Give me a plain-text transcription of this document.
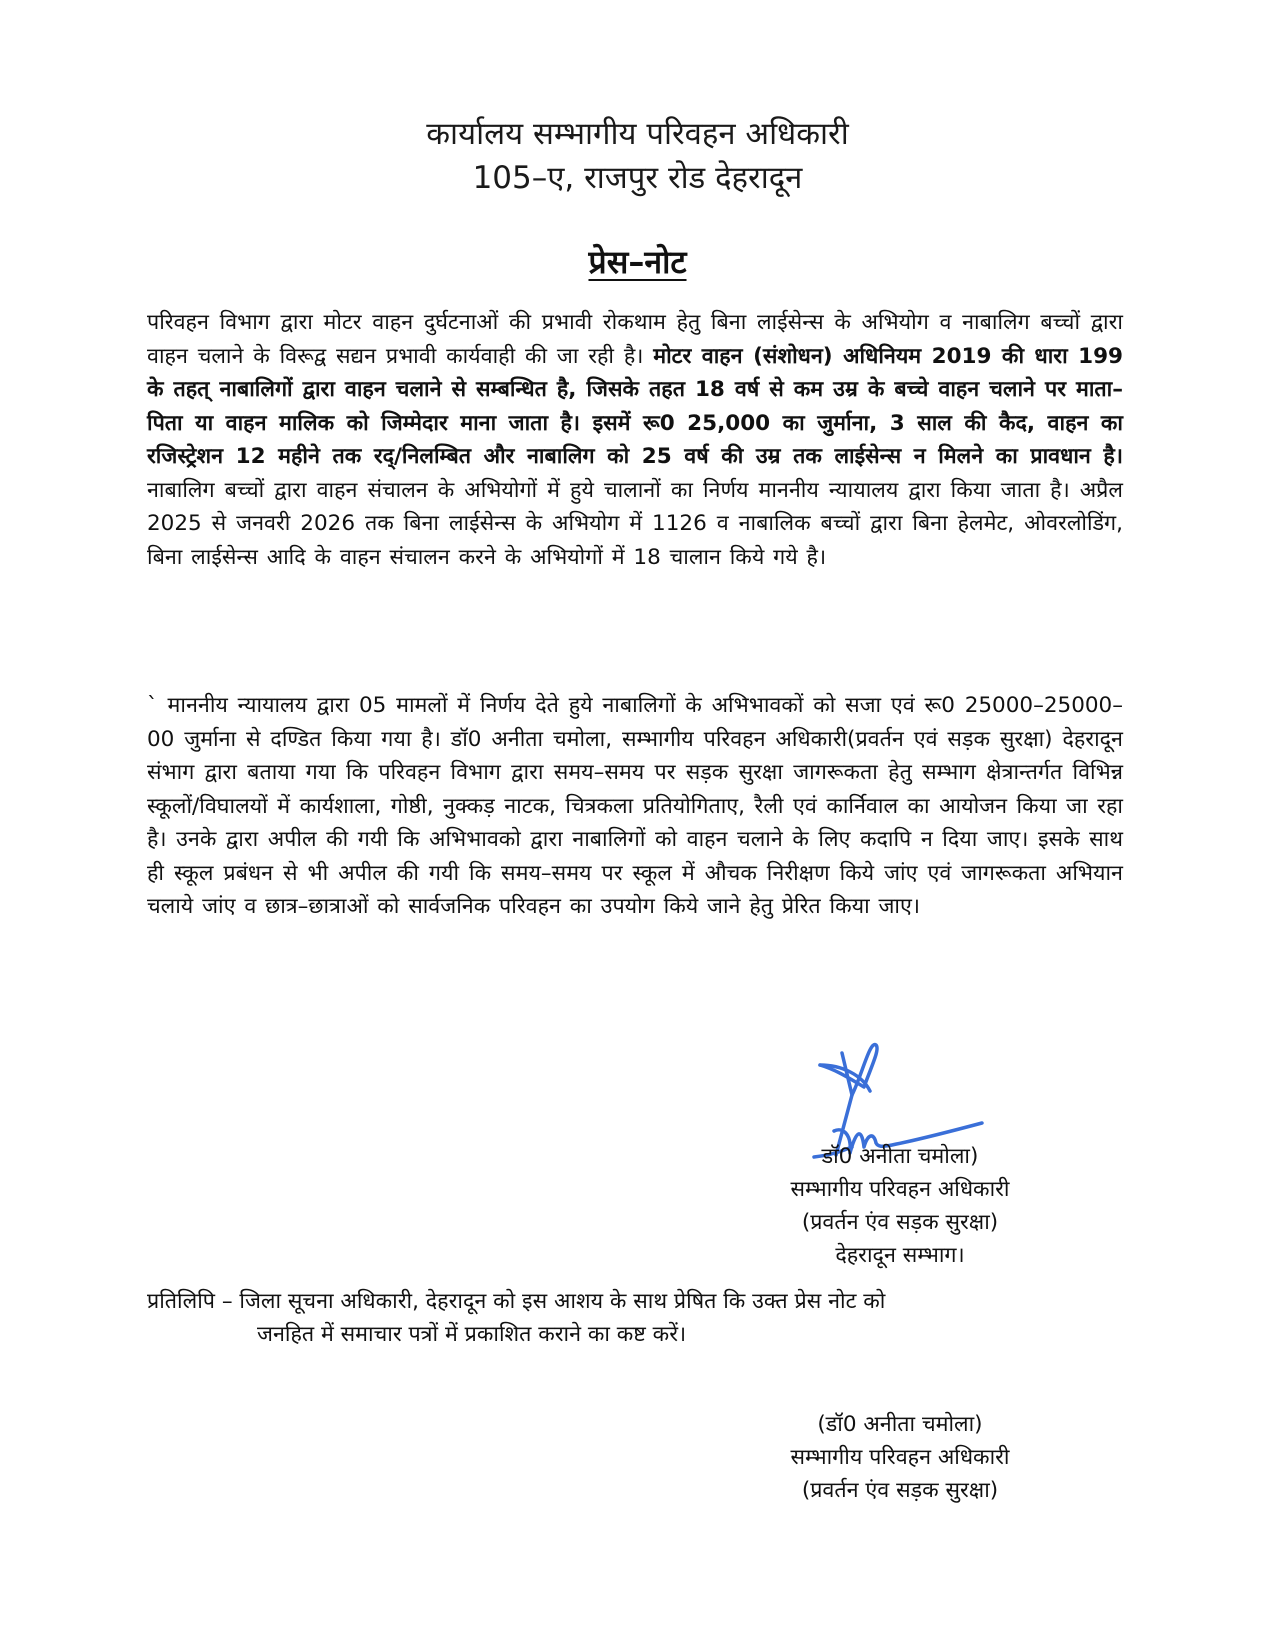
कार्यालय सम्भागीय परिवहन अधिकारी
105–ए, राजपुर रोड देहरादून
प्रेस–नोट
परिवहन विभाग द्वारा मोटर वाहन दुर्घटनाओं की प्रभावी रोकथाम हेतु बिना लाईसेन्स के अभियोग व नाबालिग बच्चों द्वारा वाहन चलाने के विरूद्व सद्यन प्रभावी कार्यवाही की जा रही है। मोटर वाहन (संशोधन) अधिनियम 2019 की धारा 199 के तहत् नाबालिगों द्वारा वाहन चलाने से सम्बन्धित है, जिसके तहत 18 वर्ष से कम उम्र के बच्चे वाहन चलाने पर माता–पिता या वाहन मालिक को जिम्मेदार माना जाता है। इसमें रू0 25,000 का जुर्माना, 3 साल की कैद, वाहन का रजिस्ट्रेशन 12 महीने तक रद्/निलम्बित और नाबालिग को 25 वर्ष की उम्र तक लाईसेन्स न मिलने का प्रावधान है। नाबालिग बच्चों द्वारा वाहन संचालन के अभियोगों में हुये चालानों का निर्णय माननीय न्यायालय द्वारा किया जाता है। अप्रैल 2025 से जनवरी 2026 तक बिना लाईसेन्स के अभियोग में 1126 व नाबालिक बच्चों द्वारा बिना हेलमेट, ओवरलोडिंग, बिना लाईसेन्स आदि के वाहन संचालन करने के अभियोगों में 18 चालान किये गये है।
` माननीय न्यायालय द्वारा 05 मामलों में निर्णय देते हुये नाबालिगों के अभिभावकों को सजा एवं रू0 25000–25000–00 जुर्माना से दण्डित किया गया है। डॉ0 अनीता चमोला, सम्भागीय परिवहन अधिकारी(प्रवर्तन एवं सड़क सुरक्षा) देहरादून संभाग द्वारा बताया गया कि परिवहन विभाग द्वारा समय–समय पर सड़क सुरक्षा जागरूकता हेतु सम्भाग क्षेत्रान्तर्गत विभिन्न स्कूलों/विघालयों में कार्यशाला, गोष्ठी, नुक्कड़ नाटक, चित्रकला प्रतियोगिताए, रैली एवं कार्निवाल का आयोजन किया जा रहा है। उनके द्वारा अपील की गयी कि अभिभावको द्वारा नाबालिगों को वाहन चलाने के लिए कदापि न दिया जाए। इसके साथ ही स्कूल प्रबंधन से भी अपील की गयी कि समय–समय पर स्कूल में औचक निरीक्षण किये जांए एवं जागरूकता अभियान चलाये जांए व छात्र–छात्राओं को सार्वजनिक परिवहन का उपयोग किये जाने हेतु प्रेरित किया जाए।
डॉ0 अनीता चमोला)
सम्भागीय परिवहन अधिकारी
(प्रवर्तन एंव सड़क सुरक्षा)
देहरादून सम्भाग।
प्रतिलिपि – जिला सूचना अधिकारी, देहरादून को इस आशय के साथ प्रेषित कि उक्त प्रेस नोट को
जनहित में समाचार पत्रों में प्रकाशित कराने का कष्ट करें।
(डॉ0 अनीता चमोला)
सम्भागीय परिवहन अधिकारी
(प्रवर्तन एंव सड़क सुरक्षा)
